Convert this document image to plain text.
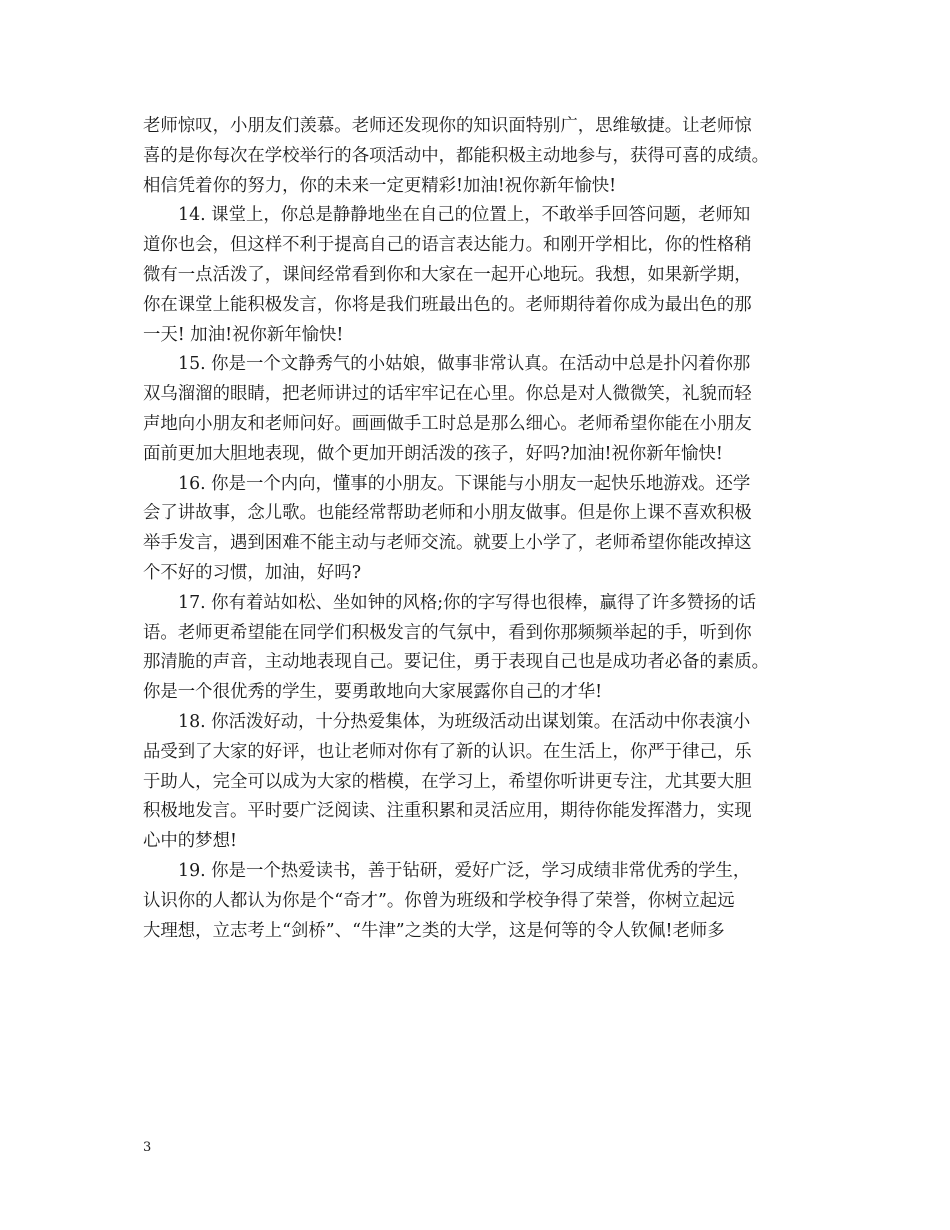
老师惊叹，小朋友们羡慕。老师还发现你的知识面特别广，思维敏捷。让老师惊
喜的是你每次在学校举行的各项活动中，都能积极主动地参与，获得可喜的成绩。
相信凭着你的努力，你的未来一定更精彩!加油!祝你新年愉快!
14. 课堂上，你总是静静地坐在自己的位置上，不敢举手回答问题，老师知
道你也会，但这样不利于提高自己的语言表达能力。和刚开学相比，你的性格稍
微有一点活泼了，课间经常看到你和大家在一起开心地玩。我想，如果新学期，
你在课堂上能积极发言，你将是我们班最出色的。老师期待着你成为最出色的那
一天! 加油!祝你新年愉快!
15. 你是一个文静秀气的小姑娘，做事非常认真。在活动中总是扑闪着你那
双乌溜溜的眼睛，把老师讲过的话牢牢记在心里。你总是对人微微笑，礼貌而轻
声地向小朋友和老师问好。画画做手工时总是那么细心。老师希望你能在小朋友
面前更加大胆地表现，做个更加开朗活泼的孩子，好吗?加油!祝你新年愉快!
16. 你是一个内向，懂事的小朋友。下课能与小朋友一起快乐地游戏。还学
会了讲故事，念儿歌。也能经常帮助老师和小朋友做事。但是你上课不喜欢积极
举手发言，遇到困难不能主动与老师交流。就要上小学了，老师希望你能改掉这
个不好的习惯，加油，好吗?
17. 你有着站如松、坐如钟的风格;你的字写得也很棒，赢得了许多赞扬的话
语。老师更希望能在同学们积极发言的气氛中，看到你那频频举起的手，听到你
那清脆的声音，主动地表现自己。要记住，勇于表现自己也是成功者必备的素质。
你是一个很优秀的学生，要勇敢地向大家展露你自己的才华!
18. 你活泼好动，十分热爱集体，为班级活动出谋划策。在活动中你表演小
品受到了大家的好评，也让老师对你有了新的认识。在生活上，你严于律己，乐
于助人，完全可以成为大家的楷模，在学习上，希望你听讲更专注，尤其要大胆
积极地发言。平时要广泛阅读、注重积累和灵活应用，期待你能发挥潜力，实现
心中的梦想!
19. 你是一个热爱读书，善于钻研，爱好广泛，学习成绩非常优秀的学生，
认识你的人都认为你是个“奇才”。你曾为班级和学校争得了荣誉，你树立起远
大理想，立志考上“剑桥”、“牛津”之类的大学，这是何等的令人钦佩!老师多
3
